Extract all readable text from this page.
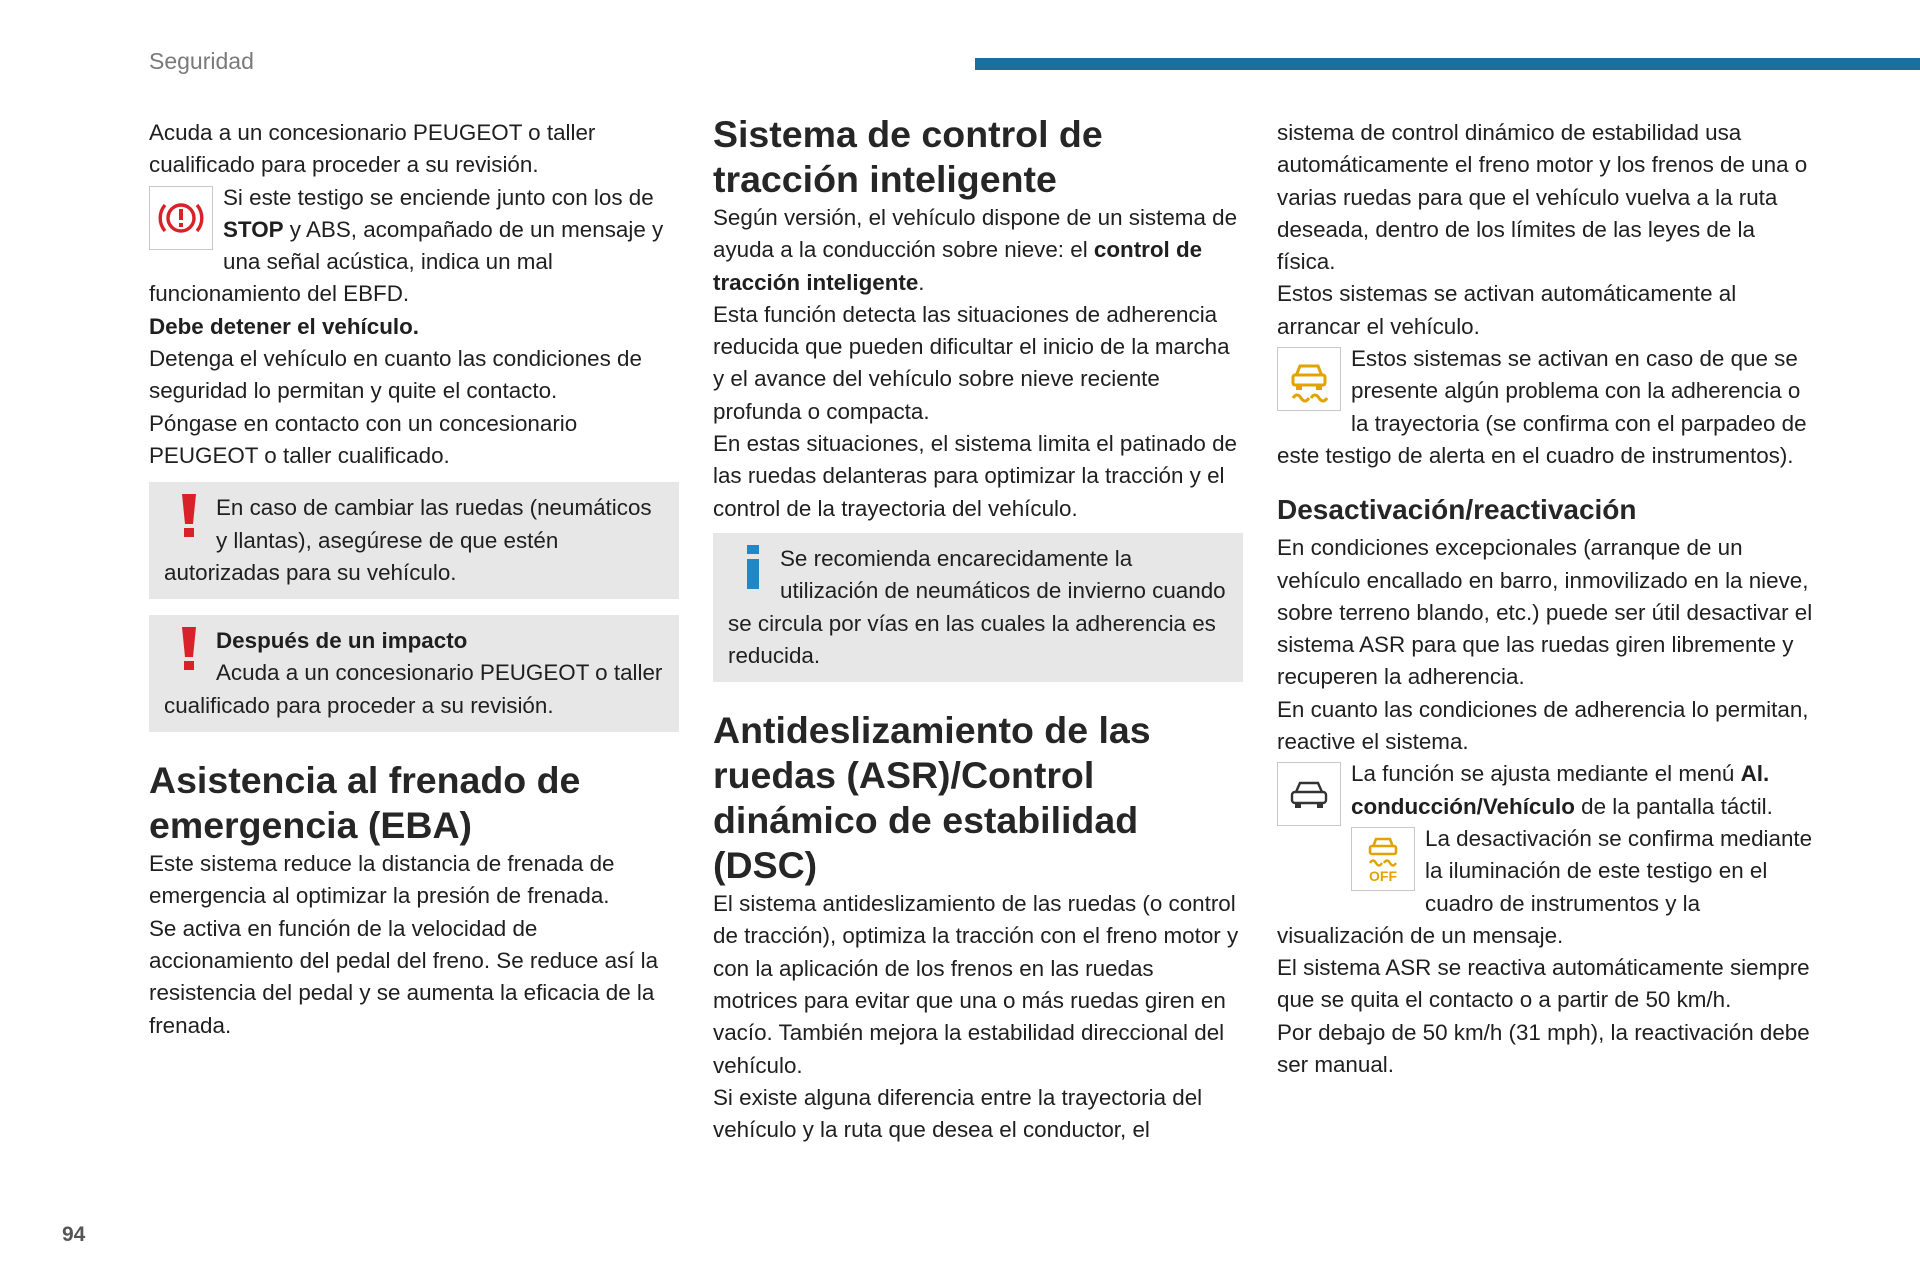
Seguridad

Acuda a un concesionario PEUGEOT o taller cualificado para proceder a su revisión.

Si este testigo se enciende junto con los de STOP y ABS, acompañado de un mensaje y una señal acústica, indica un mal funcionamiento del EBFD.

Debe detener el vehículo.

Detenga el vehículo en cuanto las condiciones de seguridad lo permitan y quite el contacto.

Póngase en contacto con un concesionario PEUGEOT o taller cualificado.

En caso de cambiar las ruedas (neumáticos y llantas), asegúrese de que estén autorizadas para su vehículo.

Después de un impacto

Acuda a un concesionario PEUGEOT o taller cualificado para proceder a su revisión.

Asistencia al frenado de emergencia (EBA)

Este sistema reduce la distancia de frenada de emergencia al optimizar la presión de frenada.

Se activa en función de la velocidad de accionamiento del pedal del freno. Se reduce así la resistencia del pedal y se aumenta la eficacia de la frenada.

Sistema de control de tracción inteligente

Según versión, el vehículo dispone de un sistema de ayuda a la conducción sobre nieve: el control de tracción inteligente.

Esta función detecta las situaciones de adherencia reducida que pueden dificultar el inicio de la marcha y el avance del vehículo sobre nieve reciente profunda o compacta.

En estas situaciones, el sistema limita el patinado de las ruedas delanteras para optimizar la tracción y el control de la trayectoria del vehículo.

Se recomienda encarecidamente la utilización de neumáticos de invierno cuando se circula por vías en las cuales la adherencia es reducida.

Antideslizamiento de las ruedas (ASR)/Control dinámico de estabilidad (DSC)

El sistema antideslizamiento de las ruedas (o control de tracción), optimiza la tracción con el freno motor y con la aplicación de los frenos en las ruedas motrices para evitar que una o más ruedas giren en vacío. También mejora la estabilidad direccional del vehículo.

Si existe alguna diferencia entre la trayectoria del vehículo y la ruta que desea el conductor, el

sistema de control dinámico de estabilidad usa automáticamente el freno motor y los frenos de una o varias ruedas para que el vehículo vuelva a la ruta deseada, dentro de los límites de las leyes de la física.

Estos sistemas se activan automáticamente al arrancar el vehículo.

Estos sistemas se activan en caso de que se presente algún problema con la adherencia o la trayectoria (se confirma con el parpadeo de este testigo de alerta en el cuadro de instrumentos).

Desactivación/reactivación

En condiciones excepcionales (arranque de un vehículo encallado en barro, inmovilizado en la nieve, sobre terreno blando, etc.) puede ser útil desactivar el sistema ASR para que las ruedas giren libremente y recuperen la adherencia.

En cuanto las condiciones de adherencia lo permitan, reactive el sistema.

La función se ajusta mediante el menú Al. conducción/Vehículo de la pantalla táctil.

OFF

La desactivación se confirma mediante la iluminación de este testigo en el cuadro de instrumentos y la visualización de un mensaje.

El sistema ASR se reactiva automáticamente siempre que se quita el contacto o a partir de 50 km/h.

Por debajo de 50 km/h (31 mph), la reactivación debe ser manual.

94
